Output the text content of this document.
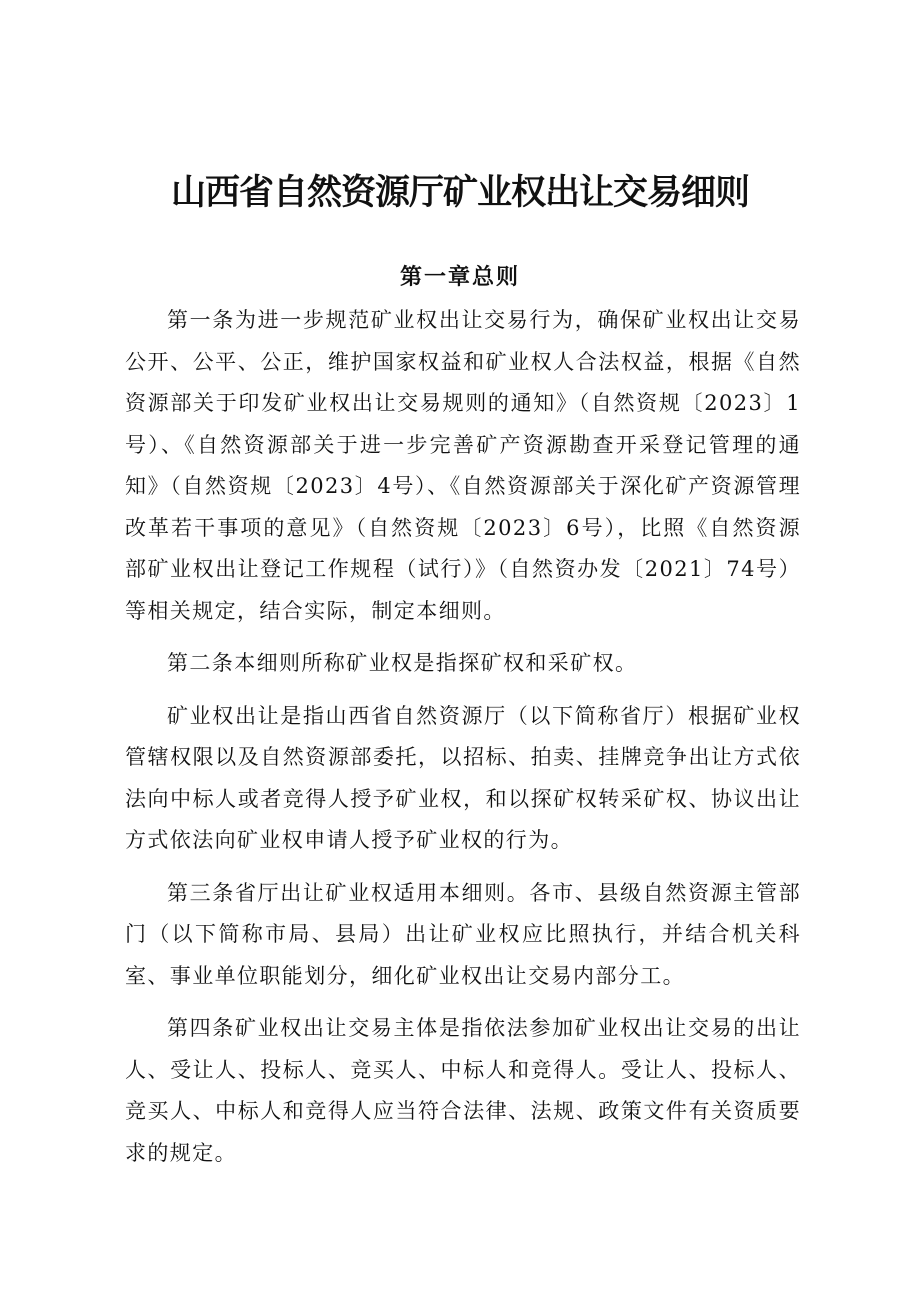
山西省自然资源厅矿业权出让交易细则
第一章总则

第一条为进一步规范矿业权出让交易行为，确保矿业权出让交易公开、公平、公正，维护国家权益和矿业权人合法权益，根据《自然资源部关于印发矿业权出让交易规则的通知》（自然资规〔2023〕1号）、《自然资源部关于进一步完善矿产资源勘查开采登记管理的通知》（自然资规〔2023〕4号）、《自然资源部关于深化矿产资源管理改革若干事项的意见》（自然资规〔2023〕6号），比照《自然资源部矿业权出让登记工作规程（试行）》（自然资办发〔2021〕74号）等相关规定，结合实际，制定本细则。

第二条本细则所称矿业权是指探矿权和采矿权。

矿业权出让是指山西省自然资源厅（以下简称省厅）根据矿业权管辖权限以及自然资源部委托，以招标、拍卖、挂牌竞争出让方式依法向中标人或者竞得人授予矿业权，和以探矿权转采矿权、协议出让方式依法向矿业权申请人授予矿业权的行为。

第三条省厅出让矿业权适用本细则。各市、县级自然资源主管部门（以下简称市局、县局）出让矿业权应比照执行，并结合机关科室、事业单位职能划分，细化矿业权出让交易内部分工。

第四条矿业权出让交易主体是指依法参加矿业权出让交易的出让人、受让人、投标人、竞买人、中标人和竞得人。受让人、投标人、竞买人、中标人和竞得人应当符合法律、法规、政策文件有关资质要求的规定。
